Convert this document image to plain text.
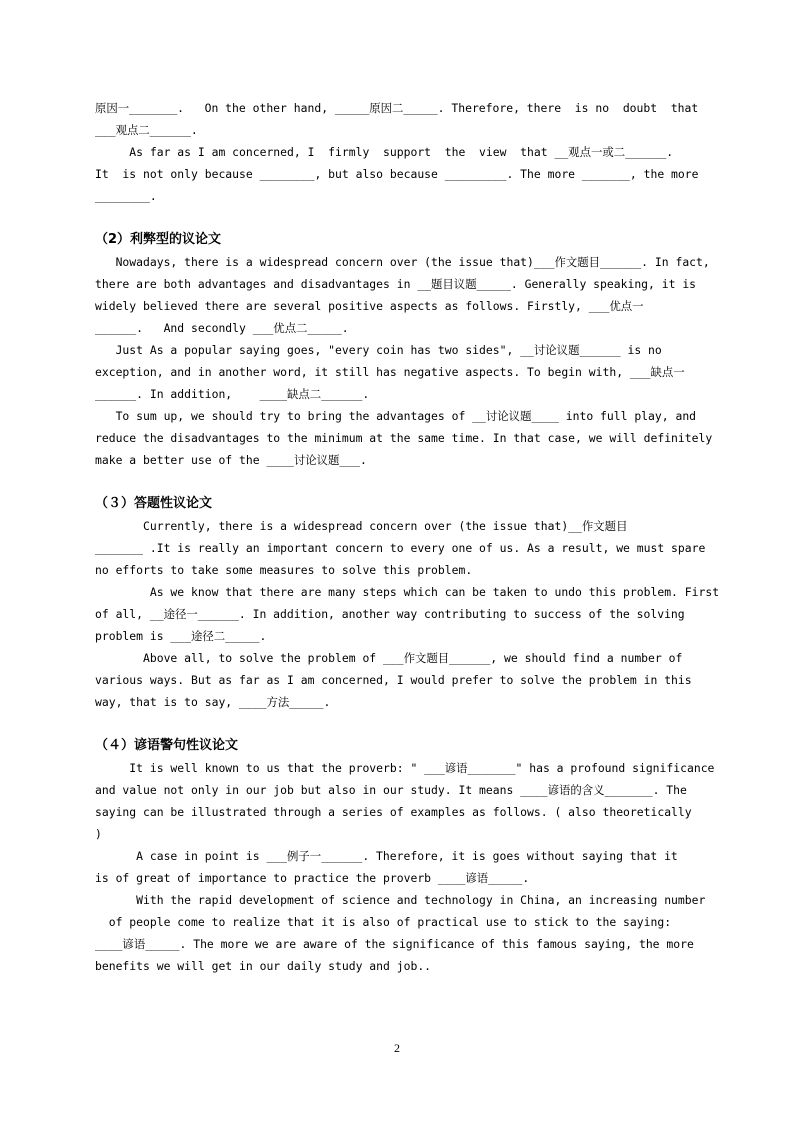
原因一_______.   On the other hand, _____原因二_____. Therefore, there  is no  doubt  that
___观点二______.
As far as I am concerned, I  firmly  support  the  view  that __观点一或二______.
It  is not only because ________, but also because _________. The more _______, the more
________.
（2）利弊型的议论文
Nowadays, there is a widespread concern over (the issue that)___作文题目______. In fact,
there are both advantages and disadvantages in __题目议题_____. Generally speaking, it is
widely believed there are several positive aspects as follows. Firstly, ___优点一
______.   And secondly ___优点二_____.
Just As a popular saying goes, "every coin has two sides", __讨论议题______ is no
exception, and in another word, it still has negative aspects. To begin with, ___缺点一
______. In addition,    ____缺点二______.
To sum up, we should try to bring the advantages of __讨论议题____ into full play, and
reduce the disadvantages to the minimum at the same time. In that case, we will definitely
make a better use of the ____讨论议题___.
（３）答题性议论文
Currently, there is a widespread concern over (the issue that)__作文题目
_______ .It is really an important concern to every one of us. As a result, we must spare
no efforts to take some measures to solve this problem.
As we know that there are many steps which can be taken to undo this problem. First
of all, __途径一______. In addition, another way contributing to success of the solving
problem is ___途径二_____.
Above all, to solve the problem of ___作文题目______, we should find a number of
various ways. But as far as I am concerned, I would prefer to solve the problem in this
way, that is to say, ____方法_____.
（４）谚语警句性议论文
It is well known to us that the proverb: " ___谚语_______" has a profound significance
and value not only in our job but also in our study. It means ____谚语的含义_______. The
saying can be illustrated through a series of examples as follows. ( also theoretically
)
A case in point is ___例子一______. Therefore, it is goes without saying that it
is of great of importance to practice the proverb ____谚语_____.
With the rapid development of science and technology in China, an increasing number
of people come to realize that it is also of practical use to stick to the saying:
____谚语_____. The more we are aware of the significance of this famous saying, the more
benefits we will get in our daily study and job..
2
